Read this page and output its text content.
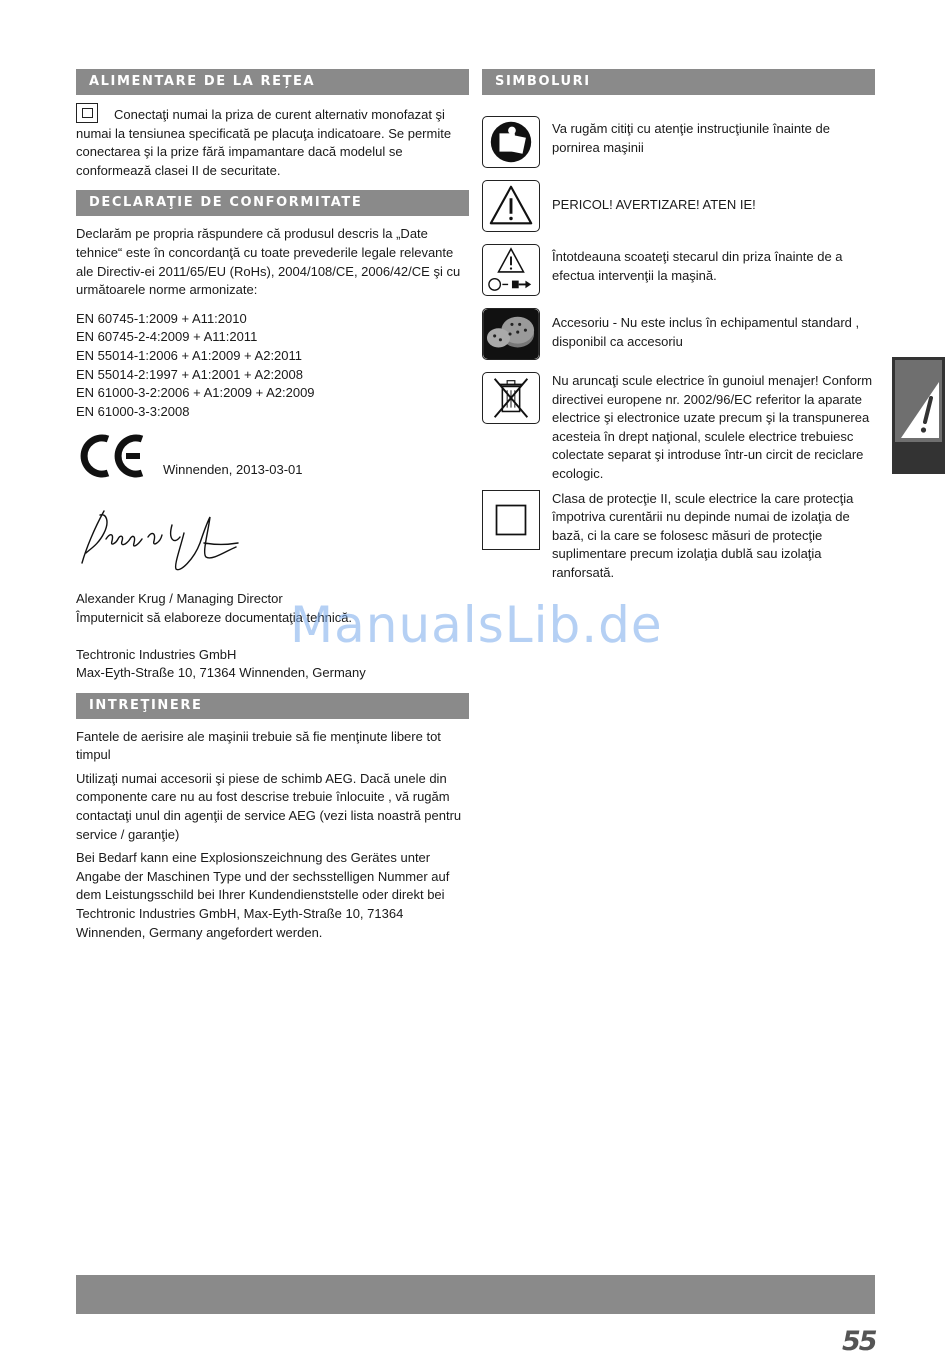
ALIMENTARE DE LA REȚEA

Conectaţi numai la priza de curent alternativ monofazat şi numai la tensiunea specificată pe placuţa indicatoare. Se permite conectarea şi la prize fără impamantare dacă modelul se conformează clasei II de securitate.

DECLARAŢIE DE CONFORMITATE

Declarăm pe propria răspundere că produsul descris la „Date tehnice“ este în concordanţă cu toate prevederile legale relevante ale Directiv-ei 2011/65/EU (RoHs), 2004/108/CE, 2006/42/CE şi cu următoarele norme armonizate:

EN 60745-1:2009 + A11:2010

EN 60745-2-4:2009 + A11:2011

EN 55014-1:2006 + A1:2009 + A2:2011

EN 55014-2:1997 + A1:2001 + A2:2008

EN 61000-3-2:2006 + A1:2009 + A2:2009

EN 61000-3-3:2008

Winnenden, 2013-03-01

Alexander Krug / Managing Director

Împuternicit să elaboreze documentaţia tehnică.

Techtronic Industries GmbH

Max-Eyth-Straße 10, 71364 Winnenden, Germany

INTREŢINERE

Fantele de aerisire ale maşinii trebuie să fie menţinute libere tot timpul

Utilizaţi numai accesorii şi piese de schimb AEG. Dacă unele din componente care nu au fost descrise trebuie înlocuite , vă rugăm contactaţi unul din agenţii de service AEG (vezi lista noastră pentru service / garanţie)

Bei Bedarf kann eine Explosionszeichnung des Gerätes unter Angabe der Maschinen Type und der sechsstelligen Nummer auf dem Leistungsschild bei Ihrer Kundendienststelle oder direkt bei Techtronic Industries GmbH, Max-Eyth-Straße 10, 71364 Winnenden, Germany angefordert werden.

SIMBOLURI

Va rugăm citiţi cu atenţie instrucţiunile înainte de pornirea maşinii

PERICOL! AVERTIZARE! ATEN IE!

Întotdeauna scoateţi stecarul din priza înainte de a efectua intervenţii la maşină.

Accesoriu - Nu este inclus în echipamentul standard , disponibil ca accesoriu

Nu aruncaţi scule electrice în gunoiul menajer! Conform directivei europene nr. 2002/96/EC referitor la aparate electrice şi electronice uzate precum şi la transpunerea acesteia în drept naţional, sculele electrice trebuiesc colectate separat şi introduse într-un circit de reciclare ecologic.

Clasa de protecţie II, scule electrice la care protecţia împotriva curentării nu depinde numai de izolaţia de bază, ci la care se folosesc măsuri de protecţie suplimentare precum izolaţia dublă sau izolaţia ranforsată.

55
ManualsLib.de
